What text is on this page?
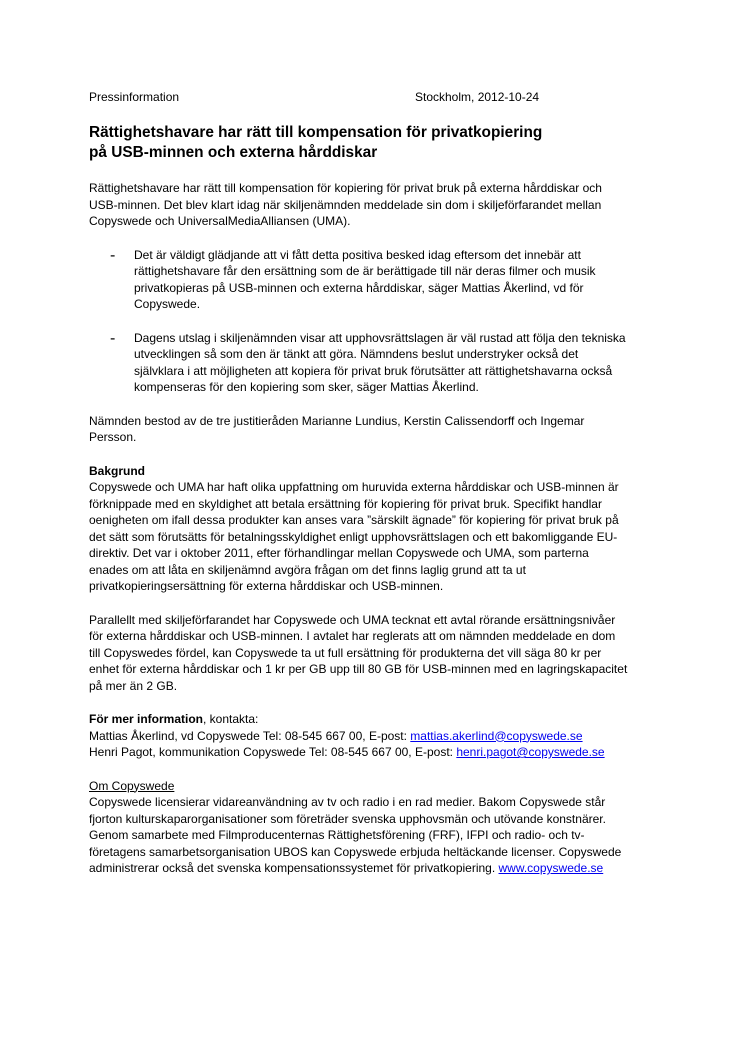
Pressinformation	Stockholm, 2012-10-24
Rättighetshavare har rätt till kompensation för privatkopiering
på USB-minnen och externa hårddiskar
Rättighetshavare har rätt till kompensation för kopiering för privat bruk på externa hårddiskar och
USB-minnen. Det blev klart idag när skiljenämnden meddelade sin dom i skiljeförfarandet mellan
Copyswede och UniversalMediaAlliansen (UMA).
- Det är väldigt glädjande att vi fått detta positiva besked idag eftersom det innebär att
rättighetshavare får den ersättning som de är berättigade till när deras filmer och musik
privatkopieras på USB-minnen och externa hårddiskar, säger Mattias Åkerlind, vd för
Copyswede.
- Dagens utslag i skiljenämnden visar att upphovsrättslagen är väl rustad att följa den tekniska
utvecklingen så som den är tänkt att göra. Nämndens beslut understryker också det
självklara i att möjligheten att kopiera för privat bruk förutsätter att rättighetshavarna också
kompenseras för den kopiering som sker, säger Mattias Åkerlind.
Nämnden bestod av de tre justitieråden Marianne Lundius, Kerstin Calissendorff och Ingemar
Persson.
Bakgrund
Copyswede och UMA har haft olika uppfattning om huruvida externa hårddiskar och USB-minnen är
förknippade med en skyldighet att betala ersättning för kopiering för privat bruk. Specifikt handlar
oenigheten om ifall dessa produkter kan anses vara ”särskilt ägnade” för kopiering för privat bruk på
det sätt som förutsätts för betalningsskyldighet enligt upphovsrättslagen och ett bakomliggande EU-
direktiv. Det var i oktober 2011, efter förhandlingar mellan Copyswede och UMA, som parterna
enades om att låta en skiljenämnd avgöra frågan om det finns laglig grund att ta ut
privatkopieringsersättning för externa hårddiskar och USB-minnen.
Parallellt med skiljeförfarandet har Copyswede och UMA tecknat ett avtal rörande ersättningsnivåer
för externa hårddiskar och USB-minnen. I avtalet har reglerats att om nämnden meddelade en dom
till Copyswedes fördel, kan Copyswede ta ut full ersättning för produkterna det vill säga 80 kr per
enhet för externa hårddiskar och 1 kr per GB upp till 80 GB för USB-minnen med en lagringskapacitet
på mer än 2 GB.
För mer information, kontakta:
Mattias Åkerlind, vd Copyswede Tel: 08-545 667 00, E-post: mattias.akerlind@copyswede.se
Henri Pagot, kommunikation Copyswede Tel: 08-545 667 00, E-post: henri.pagot@copyswede.se
Om Copyswede
Copyswede licensierar vidareanvändning av tv och radio i en rad medier. Bakom Copyswede står
fjorton kulturskaparorganisationer som företräder svenska upphovsmän och utövande konstnärer.
Genom samarbete med Filmproducenternas Rättighetsförening (FRF), IFPI och radio- och tv-
företagens samarbetsorganisation UBOS kan Copyswede erbjuda heltäckande licenser. Copyswede
administrerar också det svenska kompensationssystemet för privatkopiering. www.copyswede.se
